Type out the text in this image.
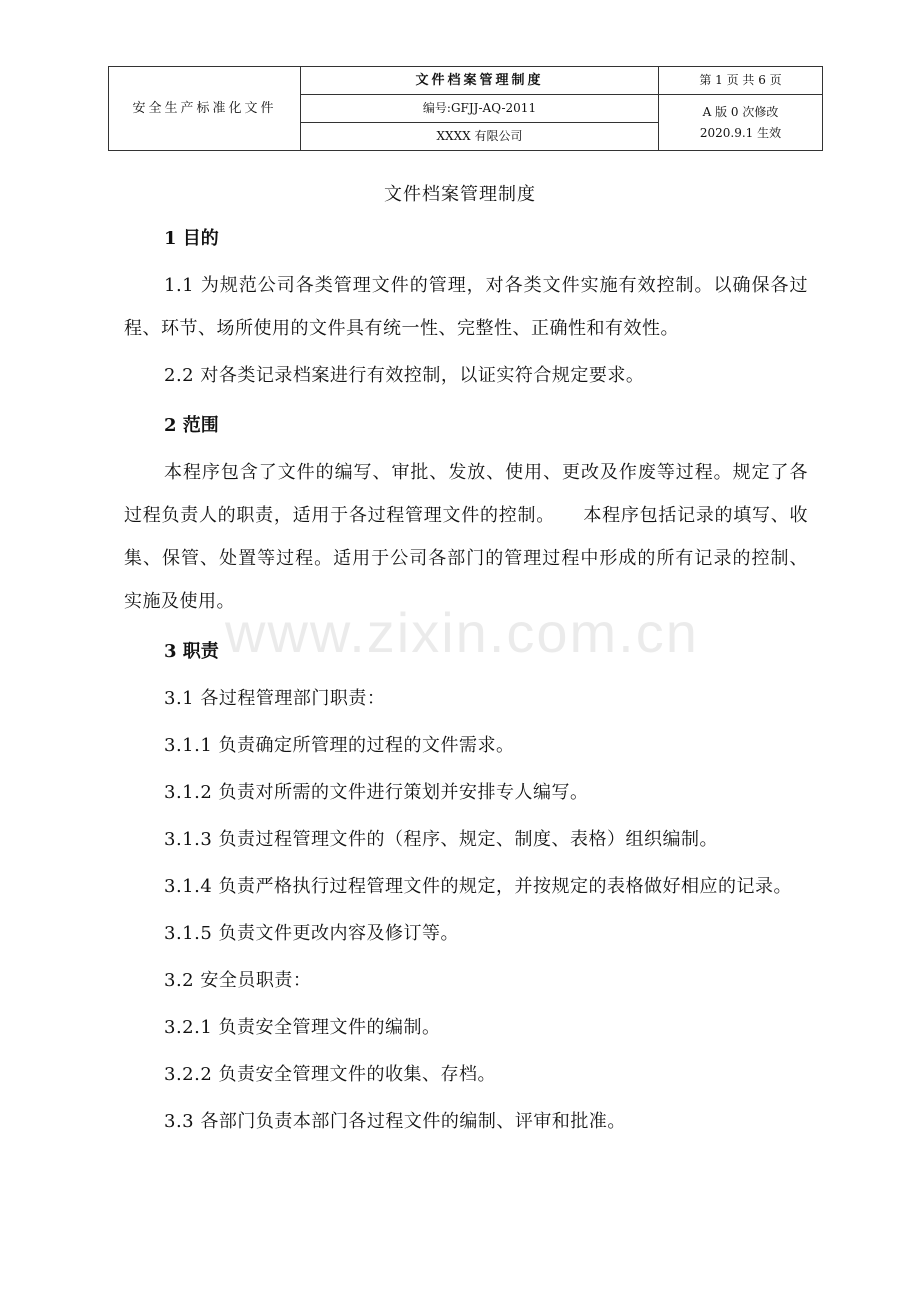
安全生产标准化文件	文件档案管理制度	第 1 页 共 6 页
	编号:GFJJ-AQ-2011	A 版 0 次修改
2020.9.1 生效

	XXXX 有限公司	
文件档案管理制度
1 目的
1.1 为规范公司各类管理文件的管理，对各类文件实施有效控制。以确保各过程、环节、场所使用的文件具有统一性、完整性、正确性和有效性。
2.2 对各类记录档案进行有效控制，以证实符合规定要求。
2 范围
本程序包含了文件的编写、审批、发放、使用、更改及作废等过程。规定了各过程负责人的职责，适用于各过程管理文件的控制。　　本程序包括记录的填写、收集、保管、处置等过程。适用于公司各部门的管理过程中形成的所有记录的控制、实施及使用。
3 职责
3.1 各过程管理部门职责：
3.1.1 负责确定所管理的过程的文件需求。
3.1.2 负责对所需的文件进行策划并安排专人编写。
3.1.3 负责过程管理文件的（程序、规定、制度、表格）组织编制。
3.1.4 负责严格执行过程管理文件的规定，并按规定的表格做好相应的记录。
3.1.5 负责文件更改内容及修订等。
3.2 安全员职责：
3.2.1 负责安全管理文件的编制。
3.2.2 负责安全管理文件的收集、存档。
3.3 各部门负责本部门各过程文件的编制、评审和批准。
www.zixin.com.cn
